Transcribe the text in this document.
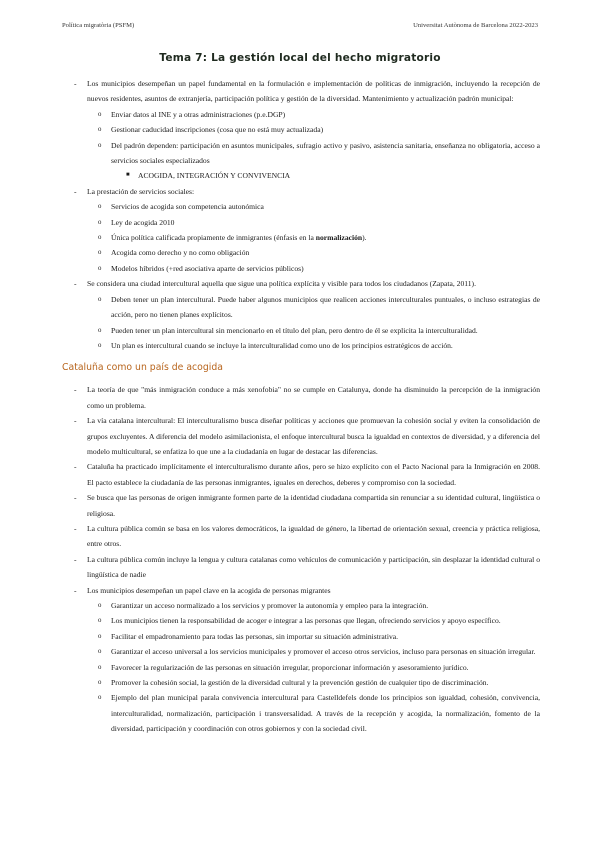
Política migratòria (PSFM)	Universitat Autònoma de Barcelona 2022-2023
Tema 7: La gestión local del hecho migratorio
- Los municipios desempeñan un papel fundamental en la formulación e implementación de políticas de inmigración, incluyendo la recepción de nuevos residentes, asuntos de extranjería, participación política y gestión de la diversidad. Mantenimiento y actualización padrón municipal:
o Enviar datos al INE y a otras administraciones (p.e.DGP)
o Gestionar caducidad inscripciones (cosa que no está muy actualizada)
o Del padrón dependen: participación en asuntos municipales, sufragio activo y pasivo, asistencia sanitaria, enseñanza no obligatoria, acceso a servicios sociales especializados
■ ACOGIDA, INTEGRACIÓN Y CONVIVENCIA
- La prestación de servicios sociales:
o Servicios de acogida son competencia autonómica
o Ley de acogida 2010
o Única política calificada propiamente de inmigrantes (énfasis en la normalización).
o Acogida como derecho y no como obligación
o Modelos híbridos (+red asociativa aparte de servicios públicos)
- Se considera una ciudad intercultural aquella que sigue una política explícita y visible para todos los ciudadanos (Zapata, 2011).
o Deben tener un plan intercultural. Puede haber algunos municipios que realicen acciones interculturales puntuales, o incluso estrategias de acción, pero no tienen planes explícitos.
o Pueden tener un plan intercultural sin mencionarlo en el título del plan, pero dentro de él se explicita la interculturalidad.
o Un plan es intercultural cuando se incluye la interculturalidad como uno de los principios estratégicos de acción.
Cataluña como un país de acogida
- La teoría de que "más inmigración conduce a más xenofobia" no se cumple en Catalunya, donde ha disminuido la percepción de la inmigración como un problema.
- La vía catalana intercultural: El interculturalismo busca diseñar políticas y acciones que promuevan la cohesión social y eviten la consolidación de grupos excluyentes. A diferencia del modelo asimilacionista, el enfoque intercultural busca la igualdad en contextos de diversidad, y a diferencia del modelo multicultural, se enfatiza lo que une a la ciudadanía en lugar de destacar las diferencias.
- Cataluña ha practicado implícitamente el interculturalismo durante años, pero se hizo explícito con el Pacto Nacional para la Inmigración en 2008. El pacto establece la ciudadanía de las personas inmigrantes, iguales en derechos, deberes y compromiso con la sociedad.
- Se busca que las personas de origen inmigrante formen parte de la identidad ciudadana compartida sin renunciar a su identidad cultural, lingüística o religiosa.
- La cultura pública común se basa en los valores democráticos, la igualdad de género, la libertad de orientación sexual, creencia y práctica religiosa, entre otros.
- La cultura pública común incluye la lengua y cultura catalanas como vehículos de comunicación y participación, sin desplazar la identidad cultural o lingüística de nadie
- Los municipios desempeñan un papel clave en la acogida de personas migrantes
o Garantizar un acceso normalizado a los servicios y promover la autonomía y empleo para la integración.
o Los municipios tienen la responsabilidad de acoger e integrar a las personas que llegan, ofreciendo servicios y apoyo específico.
o Facilitar el empadronamiento para todas las personas, sin importar su situación administrativa.
o Garantizar el acceso universal a los servicios municipales y promover el acceso otros servicios, incluso para personas en situación irregular.
o Favorecer la regularización de las personas en situación irregular, proporcionar información y asesoramiento jurídico.
o Promover la cohesión social, la gestión de la diversidad cultural y la prevención gestión de cualquier tipo de discriminación.
o Ejemplo del plan municipal parala convivencia intercultural para Castelldefels donde los principios son igualdad, cohesión, convivencia, interculturalidad, normalización, participación i transversalidad. A través de la recepción y acogida, la normalización, fomento de la diversidad, participación y coordinación con otros gobiernos y con la sociedad civil.
